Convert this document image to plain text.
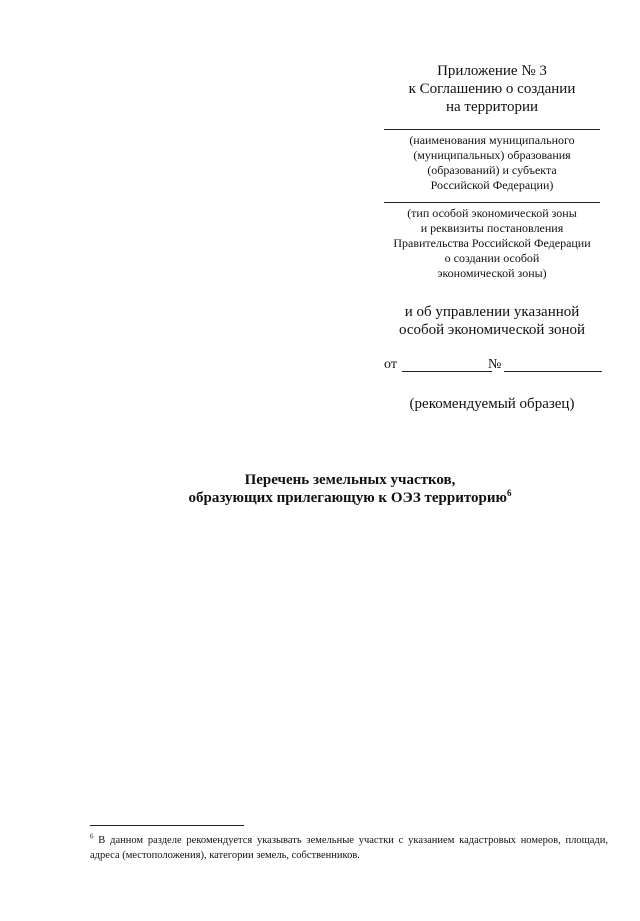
Приложение № 3
к Соглашению о создании
на территории
(наименования муниципального
(муниципальных) образования
(образований) и субъекта
Российской Федерации)
(тип особой экономической зоны
и реквизиты постановления
Правительства Российской Федерации
о создании особой
экономической зоны)
и об управлении указанной
особой экономической зоной
от	№
(рекомендуемый образец)
Перечень земельных участков,
образующих прилегающую к ОЭЗ территорию$^6$
$^6$ В данном разделе рекомендуется указывать земельные участки с указанием кадастровых номеров, площади, адреса (местоположения), категории земель, собственников.
